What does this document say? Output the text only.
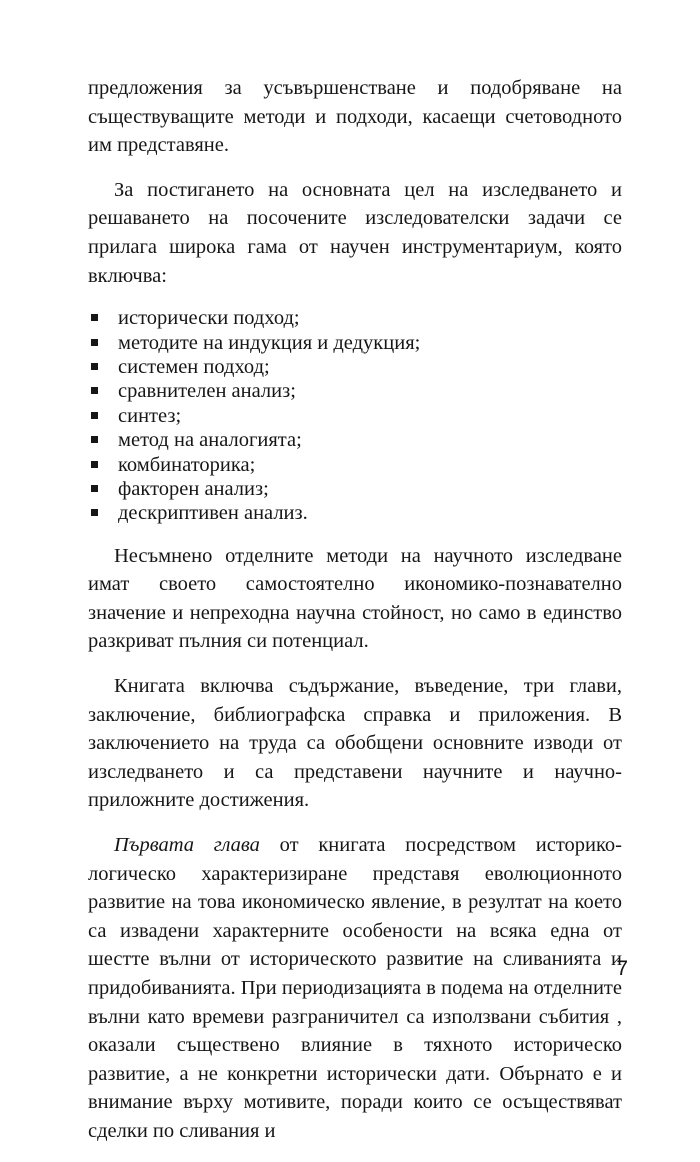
предложения за усъвършенстване и подобряване на съществуващите методи и подходи, касаещи счетоводното им представяне.

За постигането на основната цел на изследването и решаването на посочените изследователски задачи се прилага широка гама от научен инструментариум, която включва:

исторически подход;
методите на индукция и дедукция;
системен подход;
сравнителен анализ;
синтез;
метод на аналогията;
комбинаторика;
факторен анализ;
дескриптивен анализ.

Несъмнено отделните методи на научното изследване имат своето самостоятелно икономико-познавателно значение и непреходна научна стойност, но само в единство разкриват пълния си потенциал.

Книгата включва съдържание, въведение, три глави, заключение, библиографска справка и приложения. В заключението на труда са обобщени основните изводи от изследването и са представени научните и научно-приложните достижения.

Първата глава от книгата посредством историко-логическо характеризиране представя еволюционното развитие на това икономическо явление, в резултат на което са извадени характерните особености на всяка една от шестте вълни от историческото развитие на сливанията и придобиванията. При периодизацията в подема на отделните вълни като времеви разграничител са използвани събития , оказали съществено влияние в тяхното историческо развитие, а не конкретни исторически дати. Обърнато е и внимание върху мотивите, поради които се осъществяват сделки по сливания и

7
